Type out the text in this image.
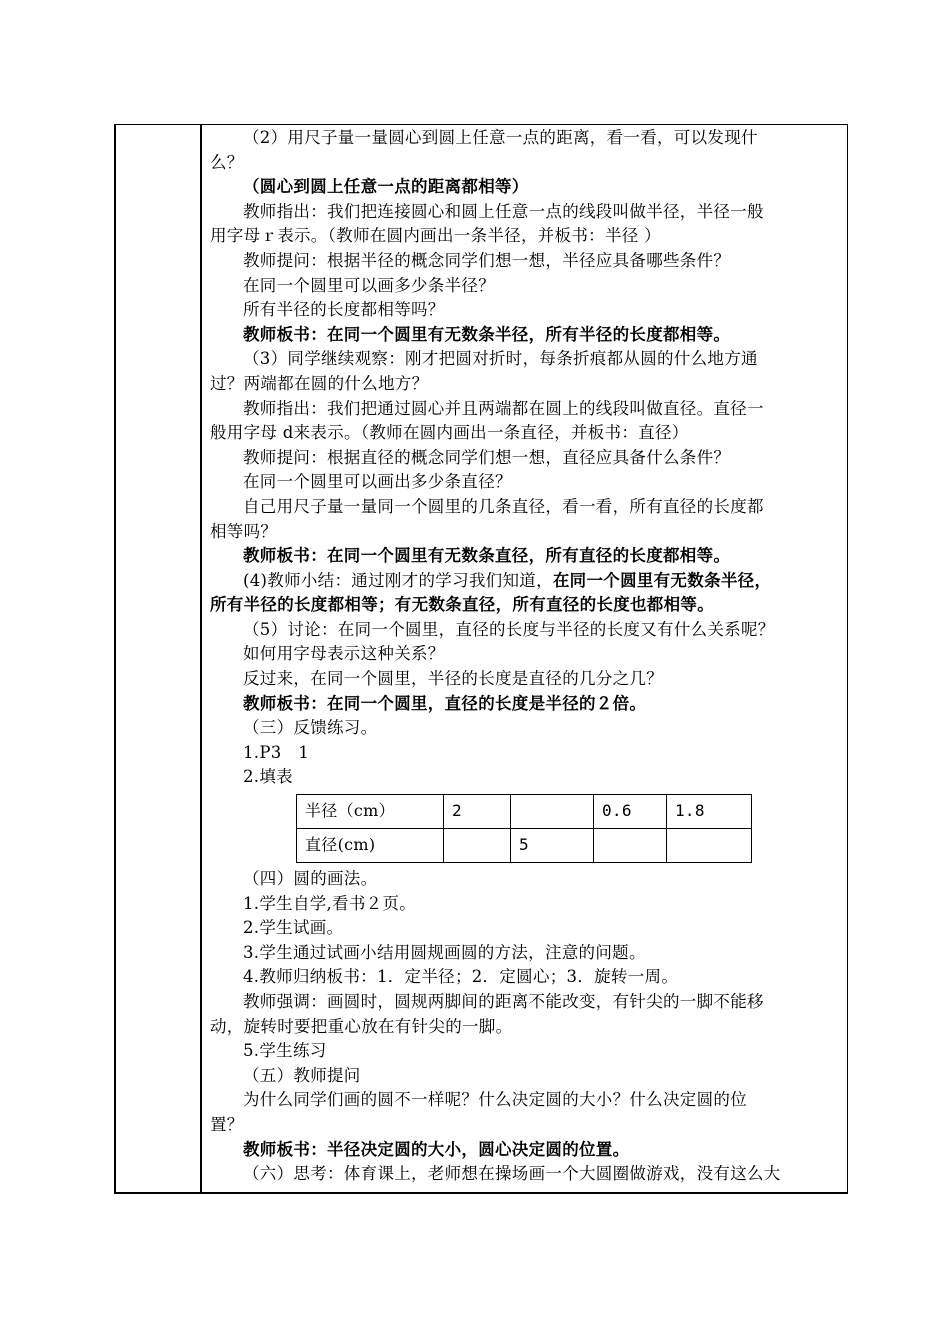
（2）用尺子量一量圆心到圆上任意一点的距离，看一看，可以发现什

么？

（圆心到圆上任意一点的距离都相等）

教师指出：我们把连接圆心和圆上任意一点的线段叫做半径，半径一般

用字母ｒ表示。（教师在圆内画出一条半径，并板书：半径 ）

教师提问：根据半径的概念同学们想一想，半径应具备哪些条件？

在同一个圆里可以画多少条半径？

所有半径的长度都相等吗？

教师板书：在同一个圆里有无数条半径，所有半径的长度都相等。

（3）同学继续观察：刚才把圆对折时，每条折痕都从圆的什么地方通

过？两端都在圆的什么地方？

教师指出：我们把通过圆心并且两端都在圆上的线段叫做直径。直径一

般用字母 d来表示。（教师在圆内画出一条直径，并板书：直径）

教师提问：根据直径的概念同学们想一想，直径应具备什么条件？

在同一个圆里可以画出多少条直径？

自己用尺子量一量同一个圆里的几条直径，看一看，所有直径的长度都

相等吗？

教师板书：在同一个圆里有无数条直径，所有直径的长度都相等。

(4)教师小结：通过刚才的学习我们知道，在同一个圆里有无数条半径，

所有半径的长度都相等；有无数条直径，所有直径的长度也都相等。

（5）讨论：在同一个圆里，直径的长度与半径的长度又有什么关系呢？

如何用字母表示这种关系？

反过来，在同一个圆里，半径的长度是直径的几分之几？

教师板书：在同一个圆里，直径的长度是半径的２倍。

（三）反馈练习。

1.P3　1

2.填表

半径（cm）	2		0.6	1.8
直径(cm)		5		

（四）圆的画法。

1.学生自学,看书２页。

2.学生试画。

3.学生通过试画小结用圆规画圆的方法，注意的问题。

4.教师归纳板书：1．定半径；2．定圆心；3．旋转一周。

教师强调：画圆时，圆规两脚间的距离不能改变，有针尖的一脚不能移

动，旋转时要把重心放在有针尖的一脚。

5.学生练习

（五）教师提问

为什么同学们画的圆不一样呢？什么决定圆的大小？什么决定圆的位

置？

教师板书：半径决定圆的大小，圆心决定圆的位置。

（六）思考：体育课上，老师想在操场画一个大圆圈做游戏，没有这么大
